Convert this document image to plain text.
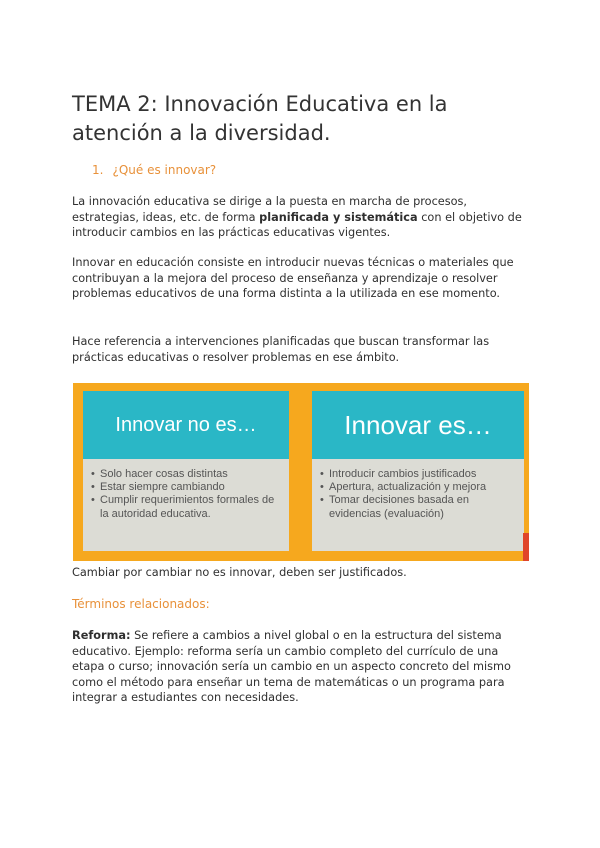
TEMA 2: Innovación Educativa en la atención a la diversidad.

1. ¿Qué es innovar?

La innovación educativa se dirige a la puesta en marcha de procesos, estrategias, ideas, etc. de forma planificada y sistemática con el objetivo de introducir cambios en las prácticas educativas vigentes.

Innovar en educación consiste en introducir nuevas técnicas o materiales que contribuyan a la mejora del proceso de enseñanza y aprendizaje o resolver problemas educativos de una forma distinta a la utilizada en ese momento.

Hace referencia a intervenciones planificadas que buscan transformar las prácticas educativas o resolver problemas en ese ámbito.

Innovar no es…
• Solo hacer cosas distintas
• Estar siempre cambiando
• Cumplir requerimientos formales de la autoridad educativa.
Innovar es…
• Introducir cambios justificados
• Apertura, actualización y mejora
• Tomar decisiones basada en evidencias (evaluación)

Cambiar por cambiar no es innovar, deben ser justificados.

Términos relacionados:

Reforma: Se refiere a cambios a nivel global o en la estructura del sistema educativo. Ejemplo: reforma sería un cambio completo del currículo de una etapa o curso; innovación sería un cambio en un aspecto concreto del mismo como el método para enseñar un tema de matemáticas o un programa para integrar a estudiantes con necesidades.
